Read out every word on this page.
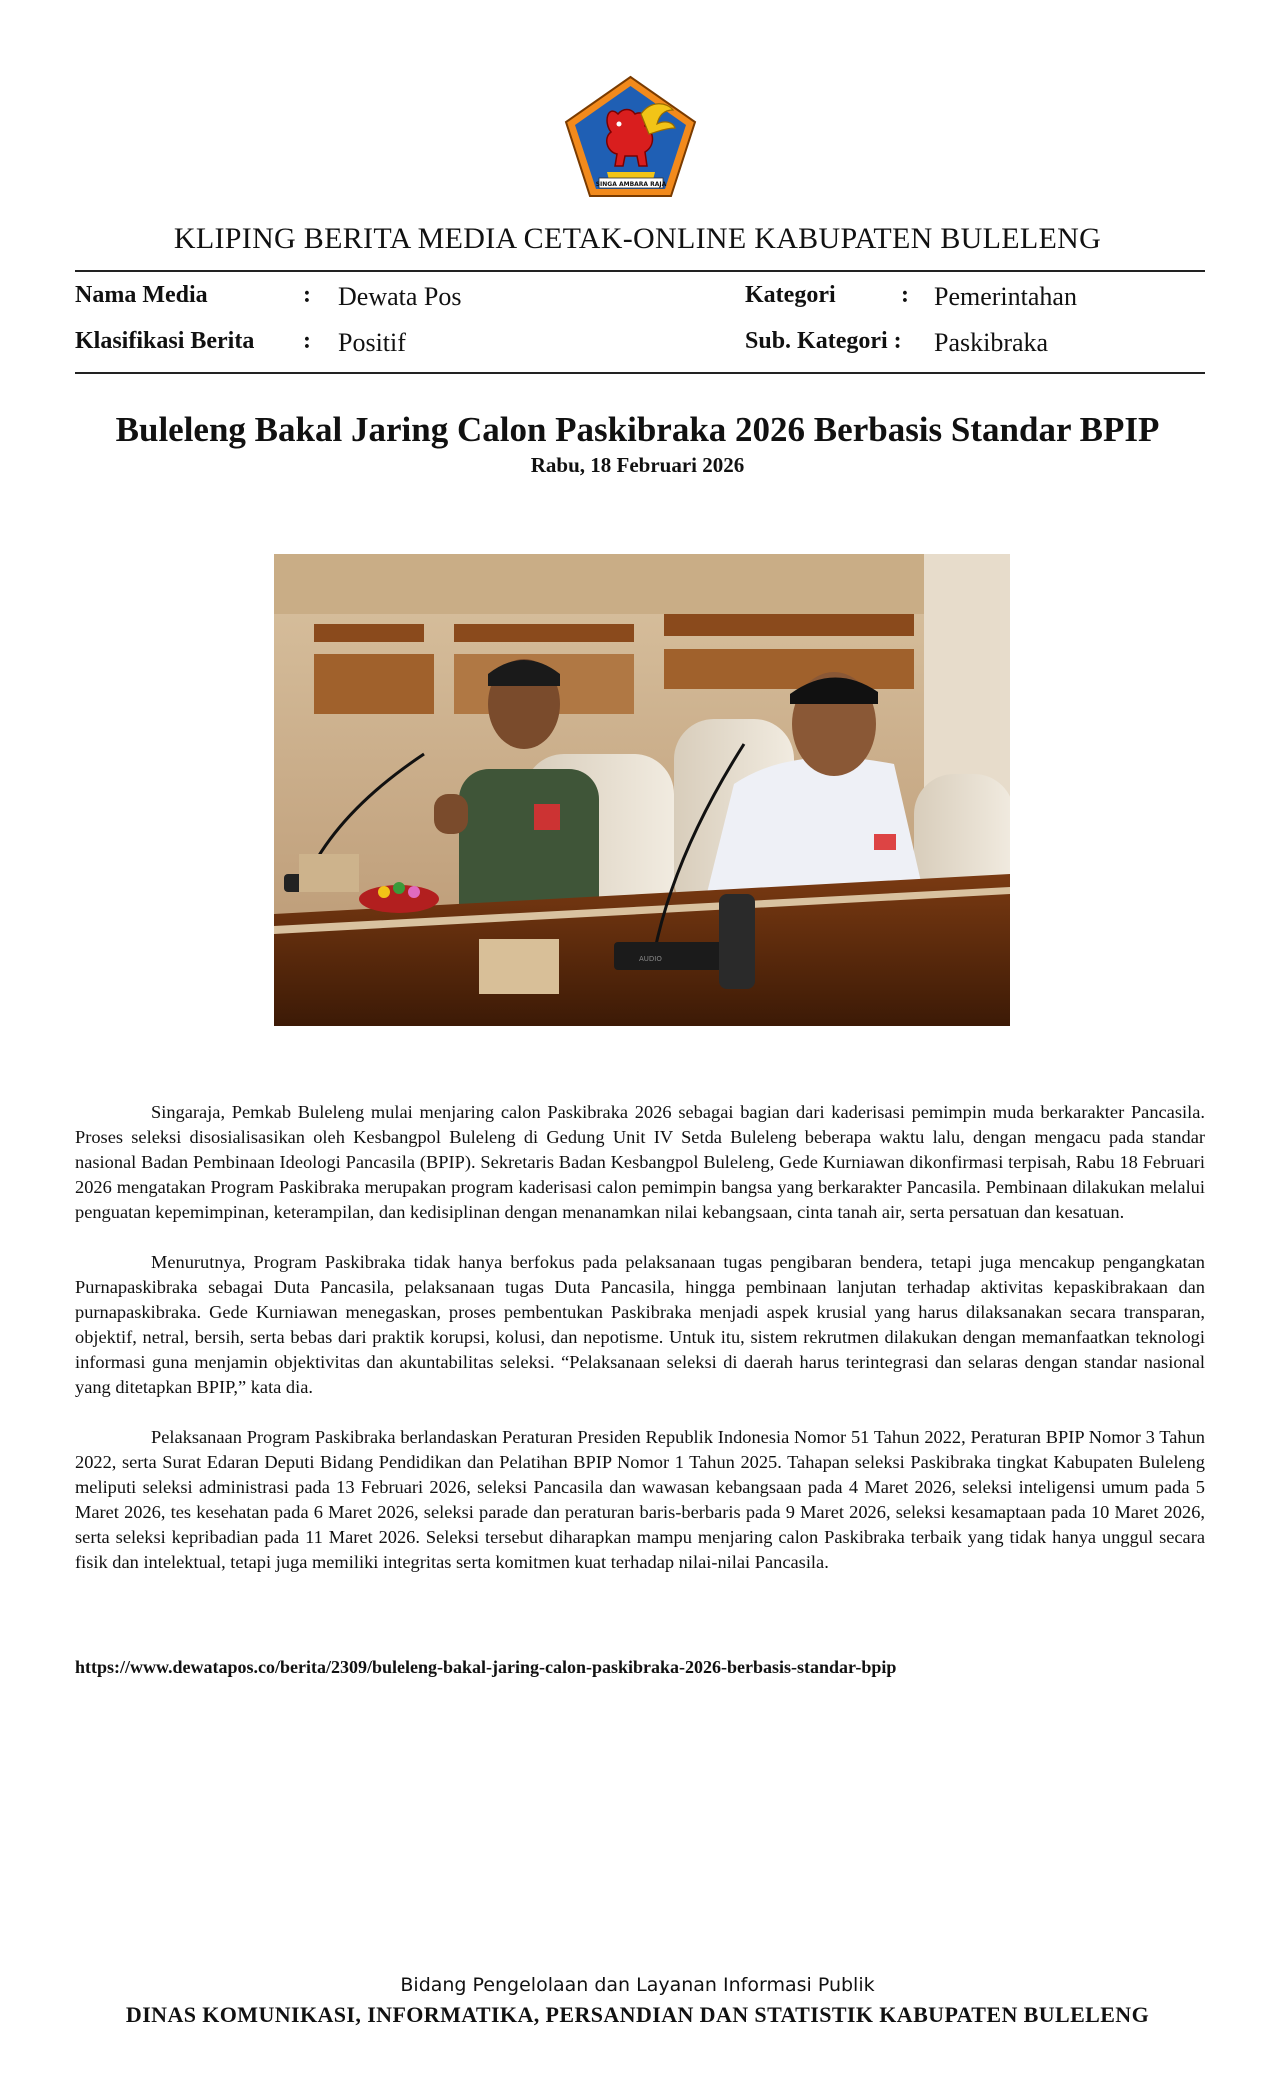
SINGA AMBARA RAJA
KLIPING BERITA MEDIA CETAK-ONLINE KABUPATEN BULELENG
Nama Media	: Dewata Pos	Kategori	: Pemerintahan
Klasifikasi Berita : Positif	Sub. Kategori : Paskibraka
Buleleng Bakal Jaring Calon Paskibraka 2026 Berbasis Standar BPIP
Rabu, 18 Februari 2026
AUDIO

Singaraja, Pemkab Buleleng mulai menjaring calon Paskibraka 2026 sebagai bagian dari kaderisasi pemimpin muda berkarakter Pancasila. Proses seleksi disosialisasikan oleh Kesbangpol Buleleng di Gedung Unit IV Setda Buleleng beberapa waktu lalu, dengan mengacu pada standar nasional Badan Pembinaan Ideologi Pancasila (BPIP). Sekretaris Badan Kesbangpol Buleleng, Gede Kurniawan dikonfirmasi terpisah, Rabu 18 Februari 2026 mengatakan Program Paskibraka merupakan program kaderisasi calon pemimpin bangsa yang berkarakter Pancasila. Pembinaan dilakukan melalui penguatan kepemimpinan, keterampilan, dan kedisiplinan dengan menanamkan nilai kebangsaan, cinta tanah air, serta persatuan dan kesatuan.

Menurutnya, Program Paskibraka tidak hanya berfokus pada pelaksanaan tugas pengibaran bendera, tetapi juga mencakup pengangkatan Purnapaskibraka sebagai Duta Pancasila, pelaksanaan tugas Duta Pancasila, hingga pembinaan lanjutan terhadap aktivitas kepaskibrakaan dan purnapaskibraka. Gede Kurniawan menegaskan, proses pembentukan Paskibraka menjadi aspek krusial yang harus dilaksanakan secara transparan, objektif, netral, bersih, serta bebas dari praktik korupsi, kolusi, dan nepotisme. Untuk itu, sistem rekrutmen dilakukan dengan memanfaatkan teknologi informasi guna menjamin objektivitas dan akuntabilitas seleksi. “Pelaksanaan seleksi di daerah harus terintegrasi dan selaras dengan standar nasional yang ditetapkan BPIP,” kata dia.

Pelaksanaan Program Paskibraka berlandaskan Peraturan Presiden Republik Indonesia Nomor 51 Tahun 2022, Peraturan BPIP Nomor 3 Tahun 2022, serta Surat Edaran Deputi Bidang Pendidikan dan Pelatihan BPIP Nomor 1 Tahun 2025. Tahapan seleksi Paskibraka tingkat Kabupaten Buleleng meliputi seleksi administrasi pada 13 Februari 2026, seleksi Pancasila dan wawasan kebangsaan pada 4 Maret 2026, seleksi inteligensi umum pada 5 Maret 2026, tes kesehatan pada 6 Maret 2026, seleksi parade dan peraturan baris-berbaris pada 9 Maret 2026, seleksi kesamaptaan pada 10 Maret 2026, serta seleksi kepribadian pada 11 Maret 2026. Seleksi tersebut diharapkan mampu menjaring calon Paskibraka terbaik yang tidak hanya unggul secara fisik dan intelektual, tetapi juga memiliki integritas serta komitmen kuat terhadap nilai-nilai Pancasila.

https://www.dewatapos.co/berita/2309/buleleng-bakal-jaring-calon-paskibraka-2026-berbasis-standar-bpip
Bidang Pengelolaan dan Layanan Informasi Publik
DINAS KOMUNIKASI, INFORMATIKA, PERSANDIAN DAN STATISTIK KABUPATEN BULELENG
